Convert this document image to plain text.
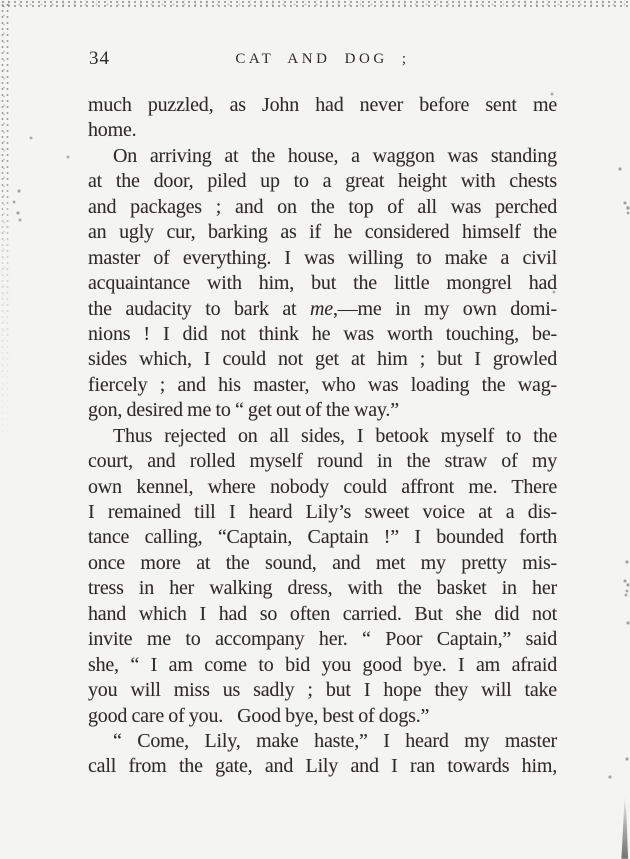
34	CAT AND DOG ;
much puzzled, as John had never before sent me
home.
On arriving at the house, a waggon was standing
at the door, piled up to a great height with chests
and packages ; and on the top of all was perched
an ugly cur, barking as if he considered himself the
master of everything. I was willing to make a civil
acquaintance with him, but the little mongrel had
the audacity to bark at me,—me in my own domi-
nions ! I did not think he was worth touching, be-
sides which, I could not get at him ; but I growled
fiercely ; and his master, who was loading the wag-
gon, desired me to “ get out of the way.”
Thus rejected on all sides, I betook myself to the
court, and rolled myself round in the straw of my
own kennel, where nobody could affront me. There
I remained till I heard Lily’s sweet voice at a dis-
tance calling, “Captain, Captain !” I bounded forth
once more at the sound, and met my pretty mis-
tress in her walking dress, with the basket in her
hand which I had so often carried. But she did not
invite me to accompany her. “ Poor Captain,” said
she, “ I am come to bid you good bye. I am afraid
you will miss us sadly ; but I hope they will take
good care of you.  Good bye, best of dogs.”
“ Come, Lily, make haste,” I heard my master
call from the gate, and Lily and I ran towards him,
